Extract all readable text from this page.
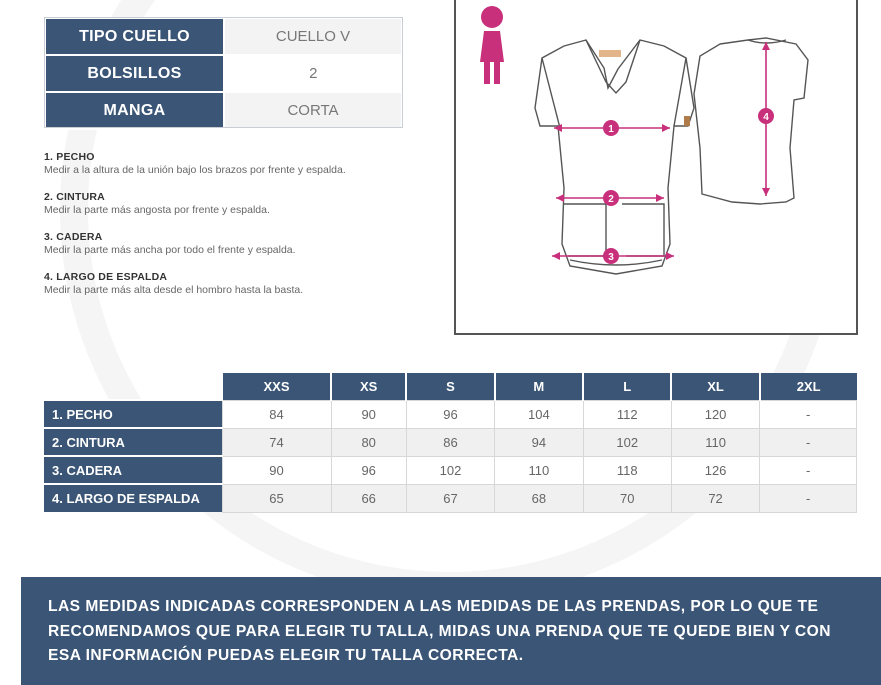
TIPO CUELLO	CUELLO V
BOLSILLOS	2
MANGA	CORTA
1. PECHO
Medir a la altura de la unión bajo los brazos por frente y espalda.
2. CINTURA
Medir la parte más angosta por frente y espalda.
3. CADERA
Medir la parte más ancha por todo el frente y espalda.
4. LARGO DE ESPALDA
Medir la parte más alta desde el hombro hasta la basta.
1
2
3
4
	XXS	XS	S	M	L	XL	2XL
1. PECHO	84	90	96	104	112	120	-
2. CINTURA	74	80	86	94	102	110	-
3. CADERA	90	96	102	110	118	126	-
4. LARGO DE ESPALDA	65	66	67	68	70	72	-

LAS MEDIDAS INDICADAS CORRESPONDEN A LAS MEDIDAS DE LAS PRENDAS, POR LO QUE TE RECOMENDAMOS QUE PARA ELEGIR TU TALLA, MIDAS UNA PRENDA QUE TE QUEDE BIEN Y CON ESA INFORMACIÓN PUEDAS ELEGIR TU TALLA CORRECTA.
